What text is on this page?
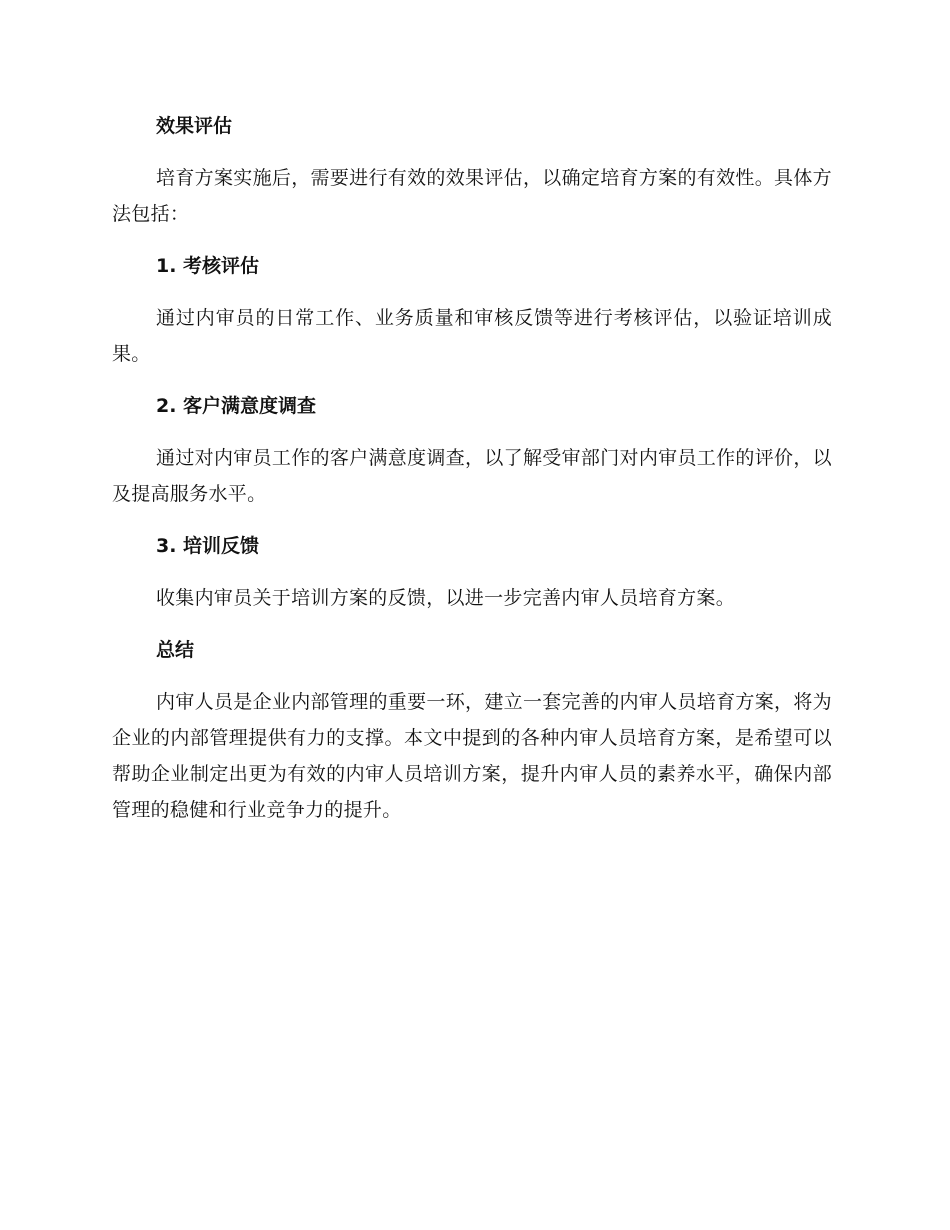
效果评估

培育方案实施后，需要进行有效的效果评估，以确定培育方案的有效性。具体方法包括：

1. 考核评估

通过内审员的日常工作、业务质量和审核反馈等进行考核评估，以验证培训成果。

2. 客户满意度调查

通过对内审员工作的客户满意度调查，以了解受审部门对内审员工作的评价，以及提高服务水平。

3. 培训反馈

收集内审员关于培训方案的反馈，以进一步完善内审人员培育方案。

总结

内审人员是企业内部管理的重要一环，建立一套完善的内审人员培育方案，将为企业的内部管理提供有力的支撑。本文中提到的各种内审人员培育方案，是希望可以帮助企业制定出更为有效的内审人员培训方案，提升内审人员的素养水平，确保内部管理的稳健和行业竞争力的提升。
